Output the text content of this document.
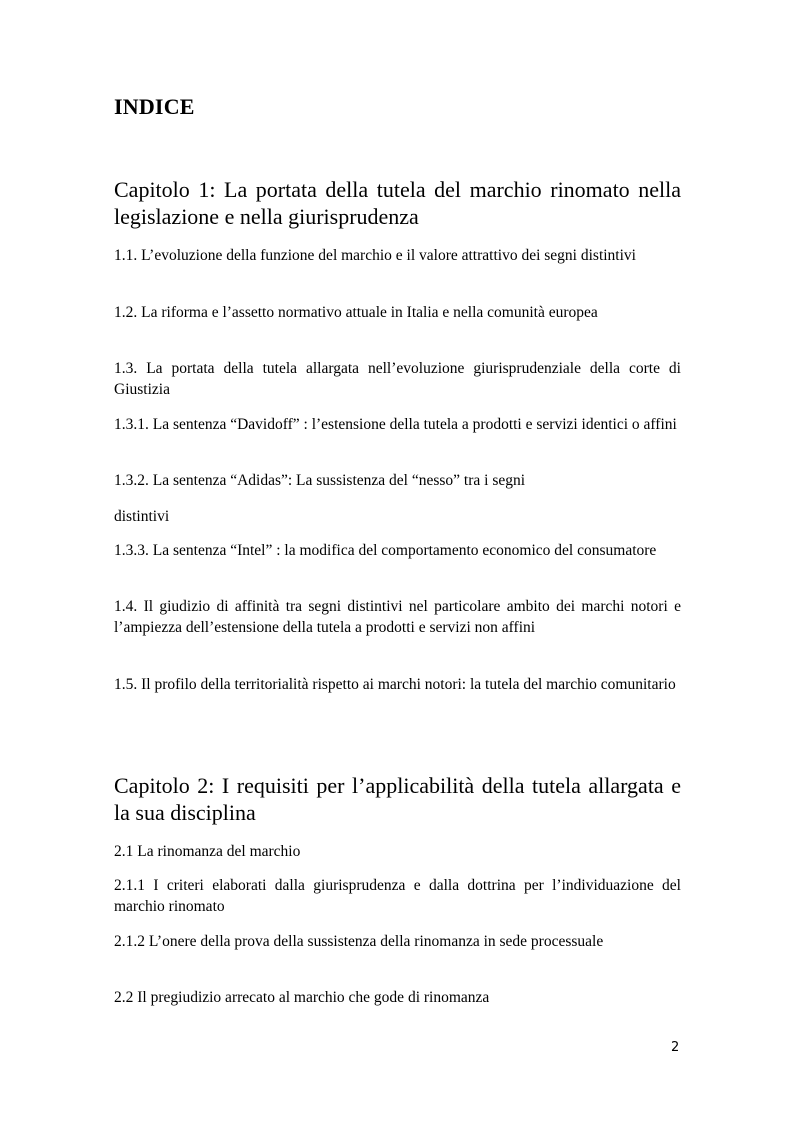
INDICE
Capitolo 1: La portata della tutela del marchio rinomato nella legislazione e nella giurisprudenza

1.1. L’evoluzione della funzione del marchio e il valore attrattivo dei segni distintivi

1.2. La riforma e l’assetto normativo attuale in Italia e nella comunità europea

1.3. La portata della tutela allargata nell’evoluzione giurisprudenziale della corte di Giustizia

1.3.1. La sentenza “Davidoff” : l’estensione della tutela a prodotti e servizi identici o affini

1.3.2. La sentenza “Adidas”: La sussistenza del “nesso” tra i segni

distintivi

1.3.3. La sentenza “Intel” : la modifica del comportamento economico del consumatore

1.4. Il giudizio di affinità tra segni distintivi nel particolare ambito dei marchi notori e l’ampiezza dell’estensione della tutela a prodotti e servizi non affini

1.5. Il profilo della territorialità rispetto ai marchi notori: la tutela del marchio comunitario

Capitolo 2: I requisiti per l’applicabilità della tutela allargata e la sua disciplina

2.1 La rinomanza del marchio

2.1.1 I criteri elaborati dalla giurisprudenza e dalla dottrina per l’individuazione del marchio rinomato

2.1.2 L’onere della prova della sussistenza della rinomanza in sede processuale

2.2 Il pregiudizio arrecato al marchio che gode di rinomanza

2
